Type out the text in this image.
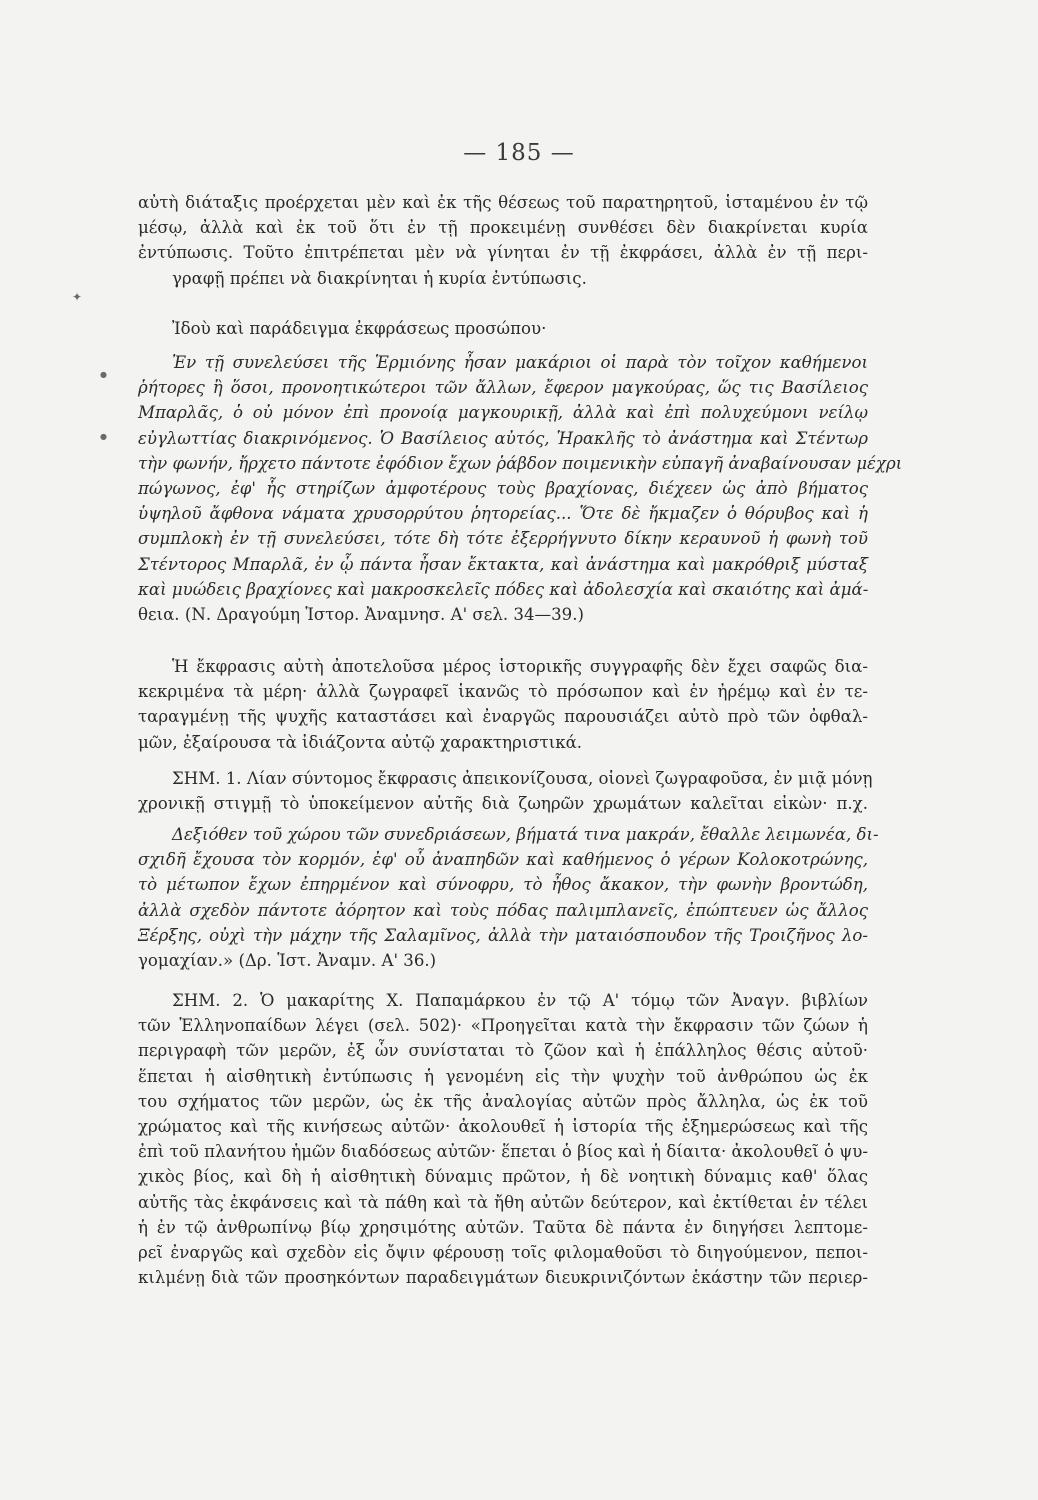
— 185 —
αὐτὴ διάταξις προέρχεται μὲν καὶ ἐκ τῆς θέσεως τοῦ παρατηρητοῦ, ἱσταμένου ἐν τῷ
μέσῳ, ἀλλὰ καὶ ἐκ τοῦ ὅτι ἐν τῇ προκειμένῃ συνθέσει δὲν διακρίνεται κυρία
ἐντύπωσις. Τοῦτο ἐπιτρέπεται μὲν νὰ γίνηται ἐν τῇ ἐκφράσει, ἀλλὰ ἐν τῇ περι-
γραφῇ πρέπει νὰ διακρίνηται ἡ κυρία ἐντύπωσις.
Ἰδοὺ καὶ παράδειγμα ἐκφράσεως προσώπου·
Ἐν τῇ συνελεύσει τῆς Ἑρμιόνης ἦσαν μακάριοι οἱ παρὰ τὸν τοῖχον καθήμενοι
ῥήτορες ἢ ὅσοι, προνοητικώτεροι τῶν ἄλλων, ἔφερον μαγκούρας, ὥς τις Βασίλειος
Μπαρλᾶς, ὁ οὐ μόνον ἐπὶ προνοίᾳ μαγκουρικῇ, ἀλλὰ καὶ ἐπὶ πολυχεύμονι νείλῳ
εὐγλωττίας διακρινόμενος. Ὁ Βασίλειος αὐτός, Ἡρακλῆς τὸ ἀνάστημα καὶ Στέντωρ
τὴν φωνήν, ἤρχετο πάντοτε ἐφόδιον ἔχων ῥάβδον ποιμενικὴν εὐπαγῆ ἀναβαίνουσαν μέχρι
πώγωνος, ἐφ' ἧς στηρίζων ἀμφοτέρους τοὺς βραχίονας, διέχεεν ὡς ἀπὸ βήματος
ὑψηλοῦ ἄφθονα νάματα χρυσορρύτου ῥητορείας... Ὅτε δὲ ἤκμαζεν ὁ θόρυβος καὶ ἡ
συμπλοκὴ ἐν τῇ συνελεύσει, τότε δὴ τότε ἐξερρήγνυτο δίκην κεραυνοῦ ἡ φωνὴ τοῦ
Στέντορος Μπαρλᾶ, ἐν ᾧ πάντα ἦσαν ἔκτακτα, καὶ ἀνάστημα καὶ μακρόθριξ μύσταξ
καὶ μυώδεις βραχίονες καὶ μακροσκελεῖς πόδες καὶ ἀδολεσχία καὶ σκαιότης καὶ ἀμά-
θεια. (Ν. Δραγούμη Ἱστορ. Ἀναμνησ. Α' σελ. 34—39.)
Ἡ ἔκφρασις αὐτὴ ἀποτελοῦσα μέρος ἱστορικῆς συγγραφῆς δὲν ἔχει σαφῶς δια-
κεκριμένα τὰ μέρη· ἀλλὰ ζωγραφεῖ ἱκανῶς τὸ πρόσωπον καὶ ἐν ἠρέμῳ καὶ ἐν τε-
ταραγμένῃ τῆς ψυχῆς καταστάσει καὶ ἐναργῶς παρουσιάζει αὐτὸ πρὸ τῶν ὀφθαλ-
μῶν, ἐξαίρουσα τὰ ἰδιάζοντα αὐτῷ χαρακτηριστικά.
ΣΗΜ. 1. Λίαν σύντομος ἔκφρασις ἀπεικονίζουσα, οἱονεὶ ζωγραφοῦσα, ἐν μιᾷ μόνῃ
χρονικῇ στιγμῇ τὸ ὑποκείμενον αὐτῆς διὰ ζωηρῶν χρωμάτων καλεῖται εἰκὼν· π.χ.
Δεξιόθεν τοῦ χώρου τῶν συνεδριάσεων, βήματά τινα μακράν, ἔθαλλε λειμωνέα, δι-
σχιδῆ ἔχουσα τὸν κορμόν, ἐφ' οὗ ἀναπηδῶν καὶ καθήμενος ὁ γέρων Κολοκοτρώνης,
τὸ μέτωπον ἔχων ἐπηρμένον καὶ σύνοφρυ, τὸ ἦθος ἄκακον, τὴν φωνὴν βροντώδη,
ἀλλὰ σχεδὸν πάντοτε ἀόρητον καὶ τοὺς πόδας παλιμπλανεῖς, ἐπώπτευεν ὡς ἄλλος
Ξέρξης, οὐχὶ τὴν μάχην τῆς Σαλαμῖνος, ἀλλὰ τὴν ματαιόσπουδον τῆς Τροιζῆνος λο-
γομαχίαν.» (Δρ. Ἱστ. Ἀναμν. Α' 36.)
ΣΗΜ. 2. Ὁ μακαρίτης Χ. Παπαμάρκου ἐν τῷ Α' τόμῳ τῶν Ἀναγν. βιβλίων
τῶν Ἑλληνοπαίδων λέγει (σελ. 502)· «Προηγεῖται κατὰ τὴν ἔκφρασιν τῶν ζώων ἡ
περιγραφὴ τῶν μερῶν, ἐξ ὧν συνίσταται τὸ ζῶον καὶ ἡ ἐπάλληλος θέσις αὐτοῦ·
ἕπεται ἡ αἰσθητικὴ ἐντύπωσις ἡ γενομένη εἰς τὴν ψυχὴν τοῦ ἀνθρώπου ὡς ἐκ
του σχήματος τῶν μερῶν, ὡς ἐκ τῆς ἀναλογίας αὐτῶν πρὸς ἄλληλα, ὡς ἐκ τοῦ
χρώματος καὶ τῆς κινήσεως αὐτῶν· ἀκολουθεῖ ἡ ἱστορία τῆς ἐξημερώσεως καὶ τῆς
ἐπὶ τοῦ πλανήτου ἡμῶν διαδόσεως αὐτῶν· ἕπεται ὁ βίος καὶ ἡ δίαιτα· ἀκολουθεῖ ὁ ψυ-
χικὸς βίος, καὶ δὴ ἡ αἰσθητικὴ δύναμις πρῶτον, ἡ δὲ νοητικὴ δύναμις καθ' ὅλας
αὐτῆς τὰς ἐκφάνσεις καὶ τὰ πάθη καὶ τὰ ἤθη αὐτῶν δεύτερον, καὶ ἐκτίθεται ἐν τέλει
ἡ ἐν τῷ ἀνθρωπίνῳ βίῳ χρησιμότης αὐτῶν. Ταῦτα δὲ πάντα ἐν διηγήσει λεπτομε-
ρεῖ ἐναργῶς καὶ σχεδὸν εἰς ὄψιν φέρουσῃ τοῖς φιλομαθοῦσι τὸ διηγούμενον, πεποι-
κιλμένῃ διὰ τῶν προσηκόντων παραδειγμάτων διευκρινιζόντων ἑκάστην τῶν περιερ-
✦
●
●
